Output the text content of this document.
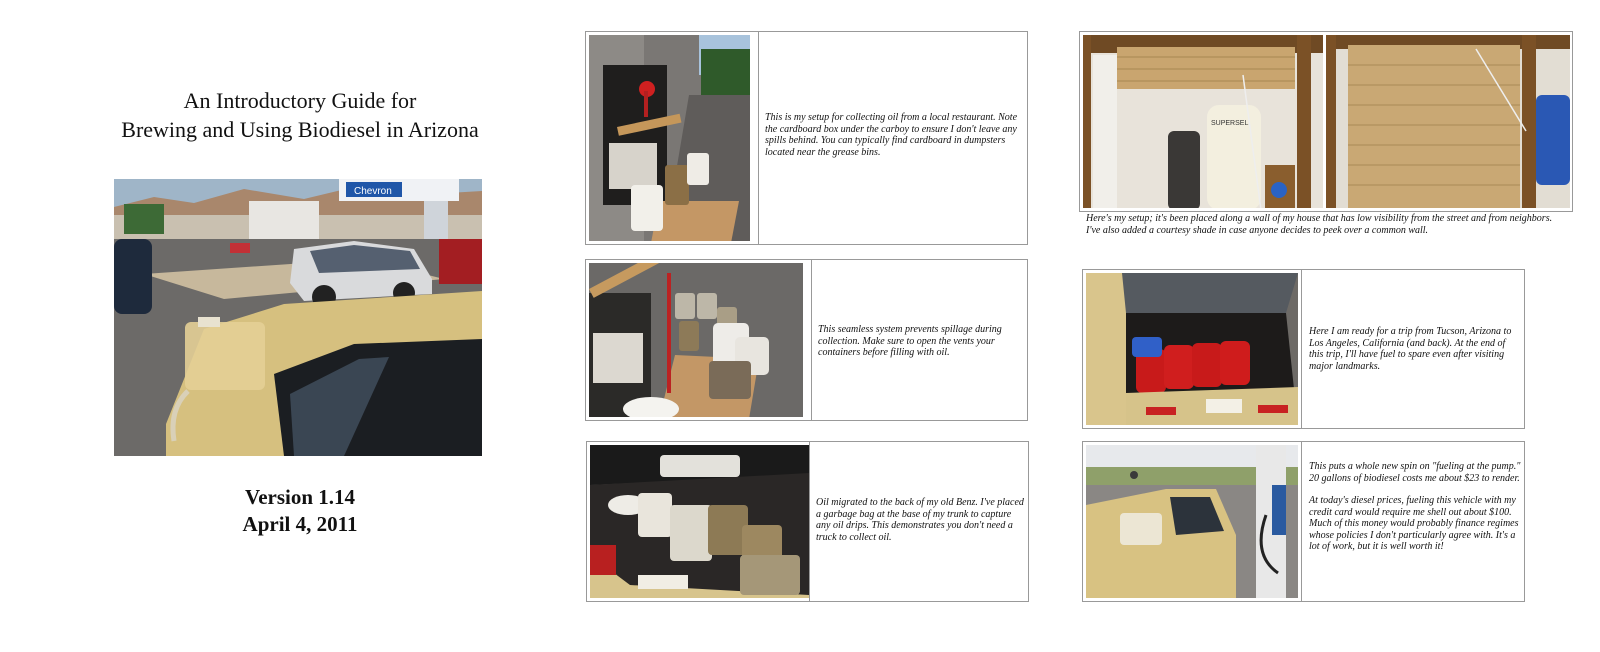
An Introductory Guide for
Brewing and Using Biodiesel in Arizona
Chevron
Version 1.14
April 4, 2011
This is my setup for collecting oil from a local restaurant. Note the cardboard box under the carboy to ensure I don't leave any spills behind. You can typically find cardboard in dumpsters located near the grease bins.
This seamless system prevents spillage during collection. Make sure to open the vents your containers before filling with oil.
Oil migrated to the back of my old Benz. I've placed a garbage bag at the base of my trunk to capture any oil drips. This demonstrates you don't need a truck to collect oil.
SUPERSEL
Here's my setup; it's been placed along a wall of my house that has low visibility from the street and from neighbors. I've also added a courtesy shade in case anyone decides to peek over a common wall.
Here I am ready for a trip from Tucson, Arizona to Los Angeles, California (and back). At the end of this trip, I'll have fuel to spare even after visiting major landmarks.

This puts a whole new spin on "fueling at the pump." 20 gallons of biodiesel costs me about $23 to render.

At today's diesel prices, fueling this vehicle with my credit card would require me shell out about $100. Much of this money would probably finance regimes whose policies I don't particularly agree with. It's a lot of work, but it is well worth it!
